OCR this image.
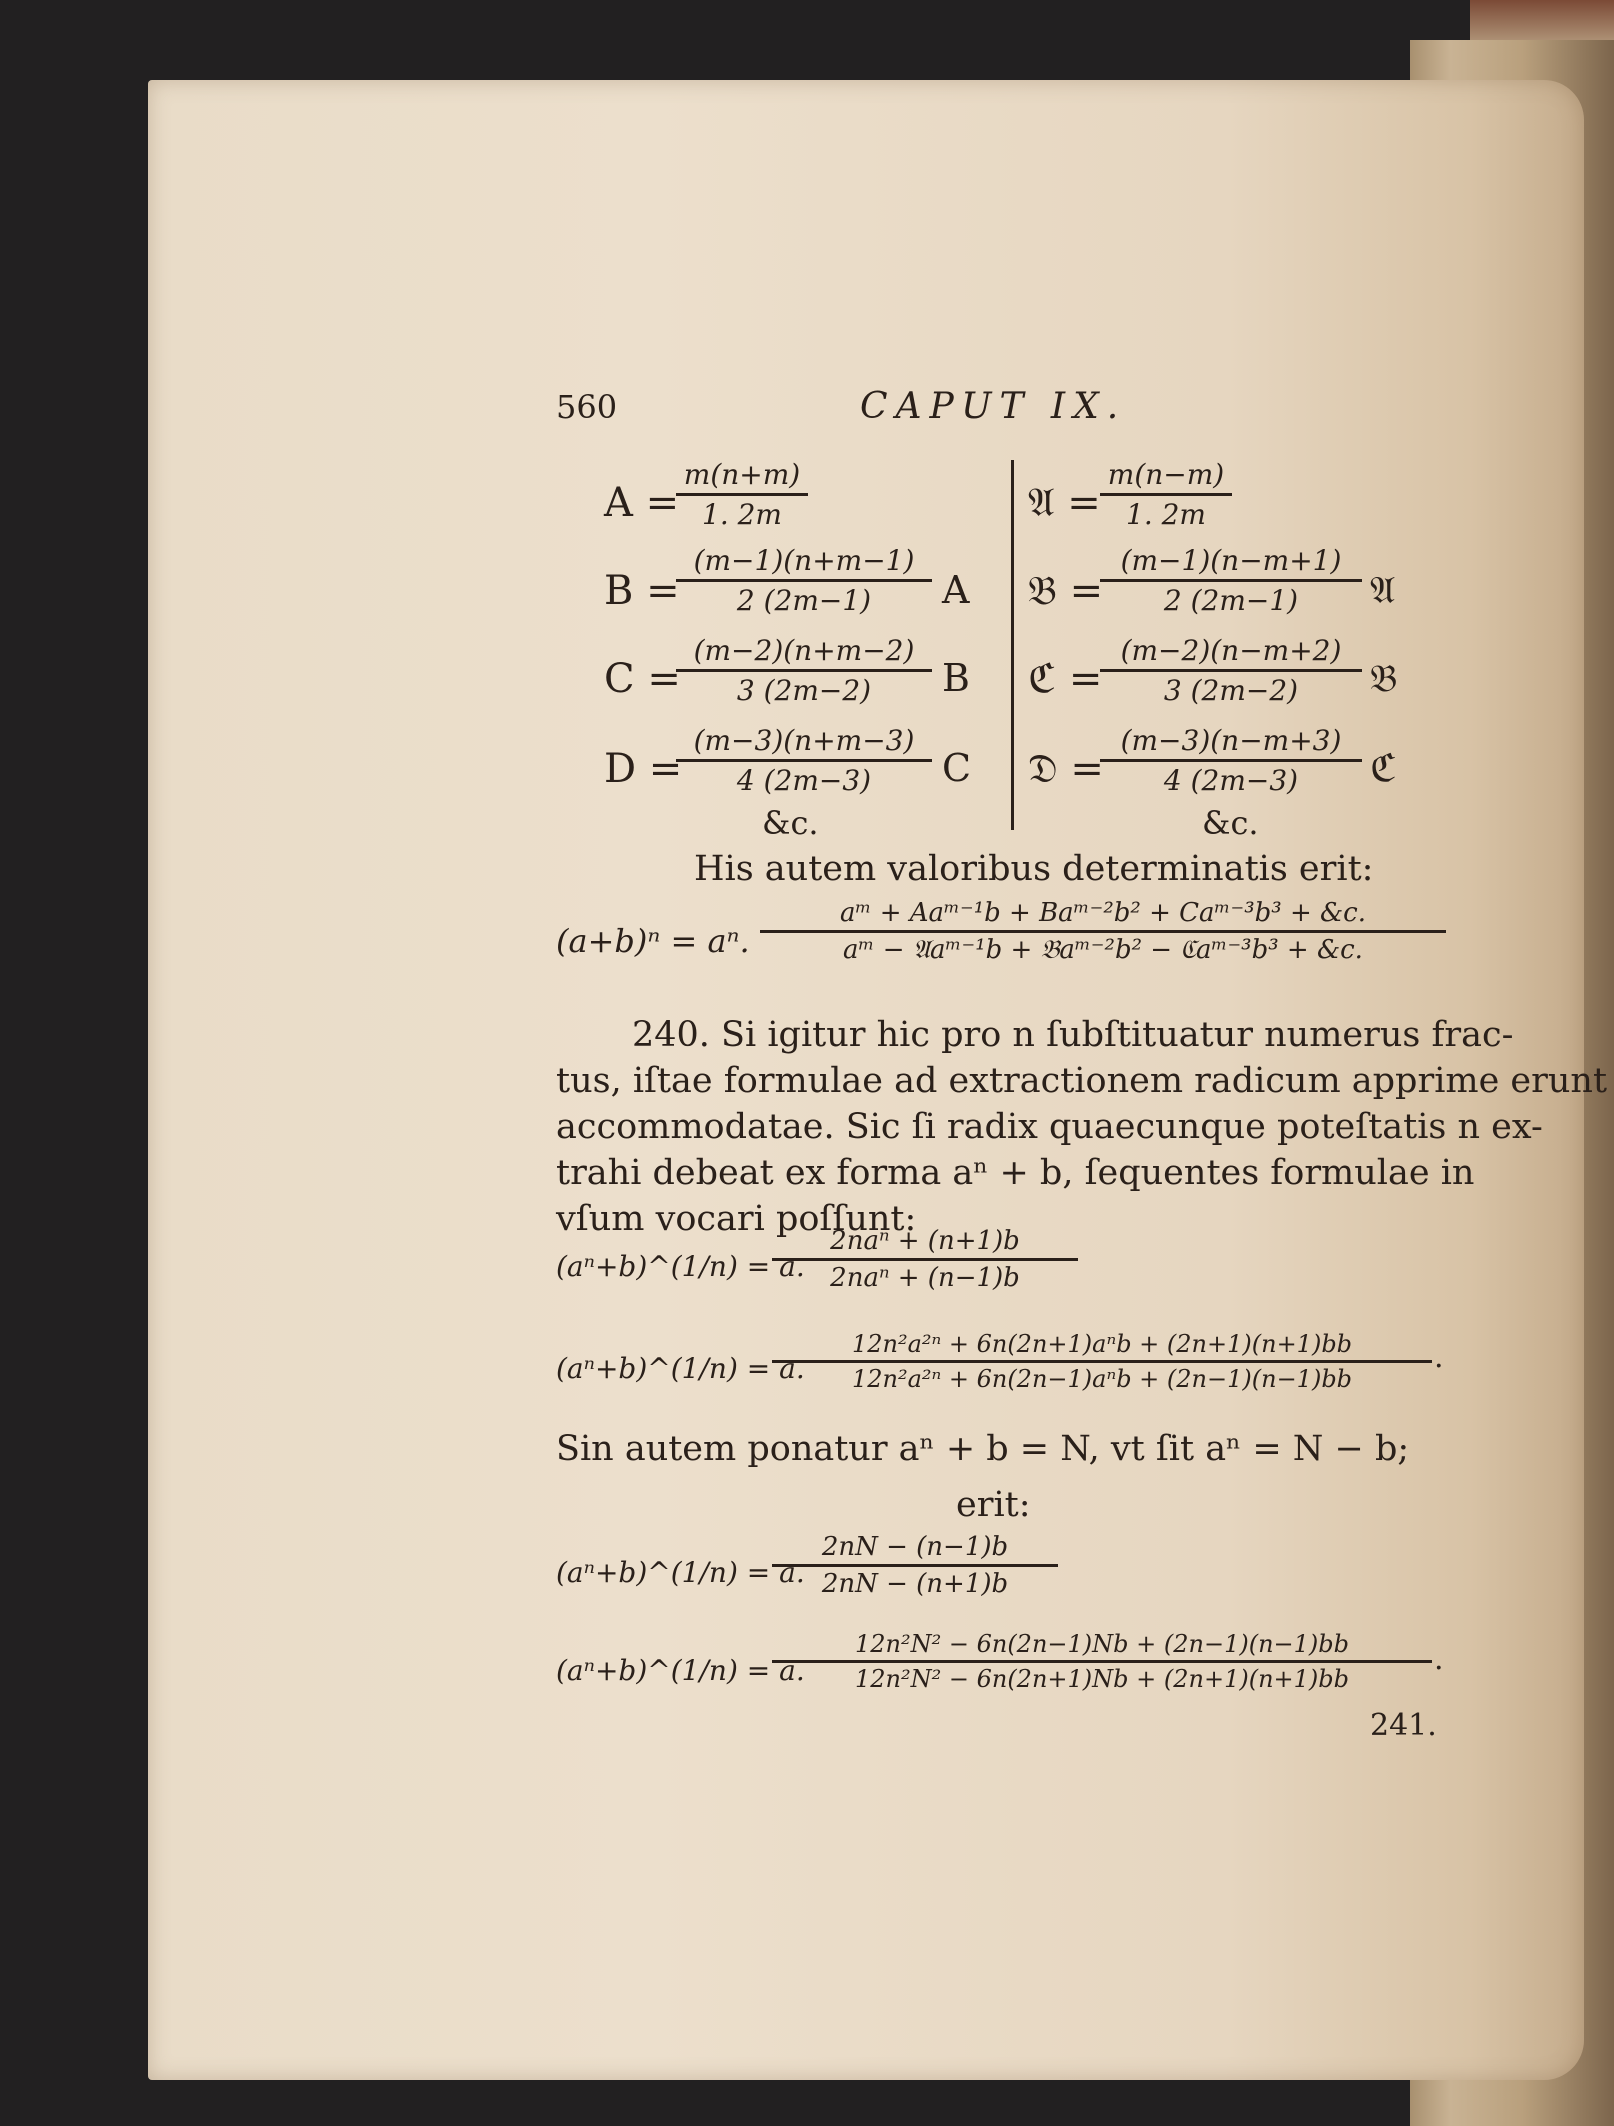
560	CAPUT IX.
A =
$\frac{m(n+m)}{1. 2m}$
B =
$\frac{(m-1)(n+m-1)}{2 (2m-1)}$ A
C =
$\frac{(m-2)(n+m-2)}{3 (2m-2)}$ B
D =
$\frac{(m-3)(n+m-3)}{4 (2m-3)}$ C
&c.
𝔄 = $\frac{m(n-m)}{1. 2m}$
𝔅 =
$\frac{(m-1)(n-m+1)}{2 (2m-1)}$ 𝔄
ℭ =
$\frac{(m-2)(n-m+2)}{3 (2m-2)}$ 𝔅
𝔇 =
$\frac{(m-3)(n-m+3)}{4 (2m-3)}$ ℭ
&c.
His autem valoribus determinatis erit:
(a+b)ⁿ = aⁿ.
aᵐ + Aaᵐ⁻¹b + Baᵐ⁻²b² + Caᵐ⁻³b³ + &c.
aᵐ − 𝔄aᵐ⁻¹b + 𝔅aᵐ⁻²b² − ℭaᵐ⁻³b³ + &c.
240. Si igitur hic pro n ſubſtituatur numerus frac-
tus, iſtae formulae ad extractionem radicum apprime erunt
accommodatae. Sic ſi radix quaecunque poteſtatis n ex-
trahi debeat ex forma aⁿ + b, ſequentes formulae in
vſum vocari poſſunt:
(aⁿ+b)^(1/n) = a.
2naⁿ + (n+1)b
2naⁿ + (n−1)b
(aⁿ+b)^(1/n) = a.
12n²a²ⁿ + 6n(2n+1)aⁿb + (2n+1)(n+1)bb
12n²a²ⁿ + 6n(2n−1)aⁿb + (2n−1)(n−1)bb
.
Sin autem ponatur aⁿ + b = N, vt ſit aⁿ = N − b;
erit:
(aⁿ+b)^(1/n) = a.
$\frac{2nN - (n-1)b}{2nN - (n+1)b}$
(aⁿ+b)^(1/n) = a.
$\frac{\text{12n²N² − 6n(2n−1)Nb + (2n−1)(n−1)bb}}{\text{12n²N² − 6n(2n+1)Nb + (2n+1)(n+1)bb}}$ .
241.
